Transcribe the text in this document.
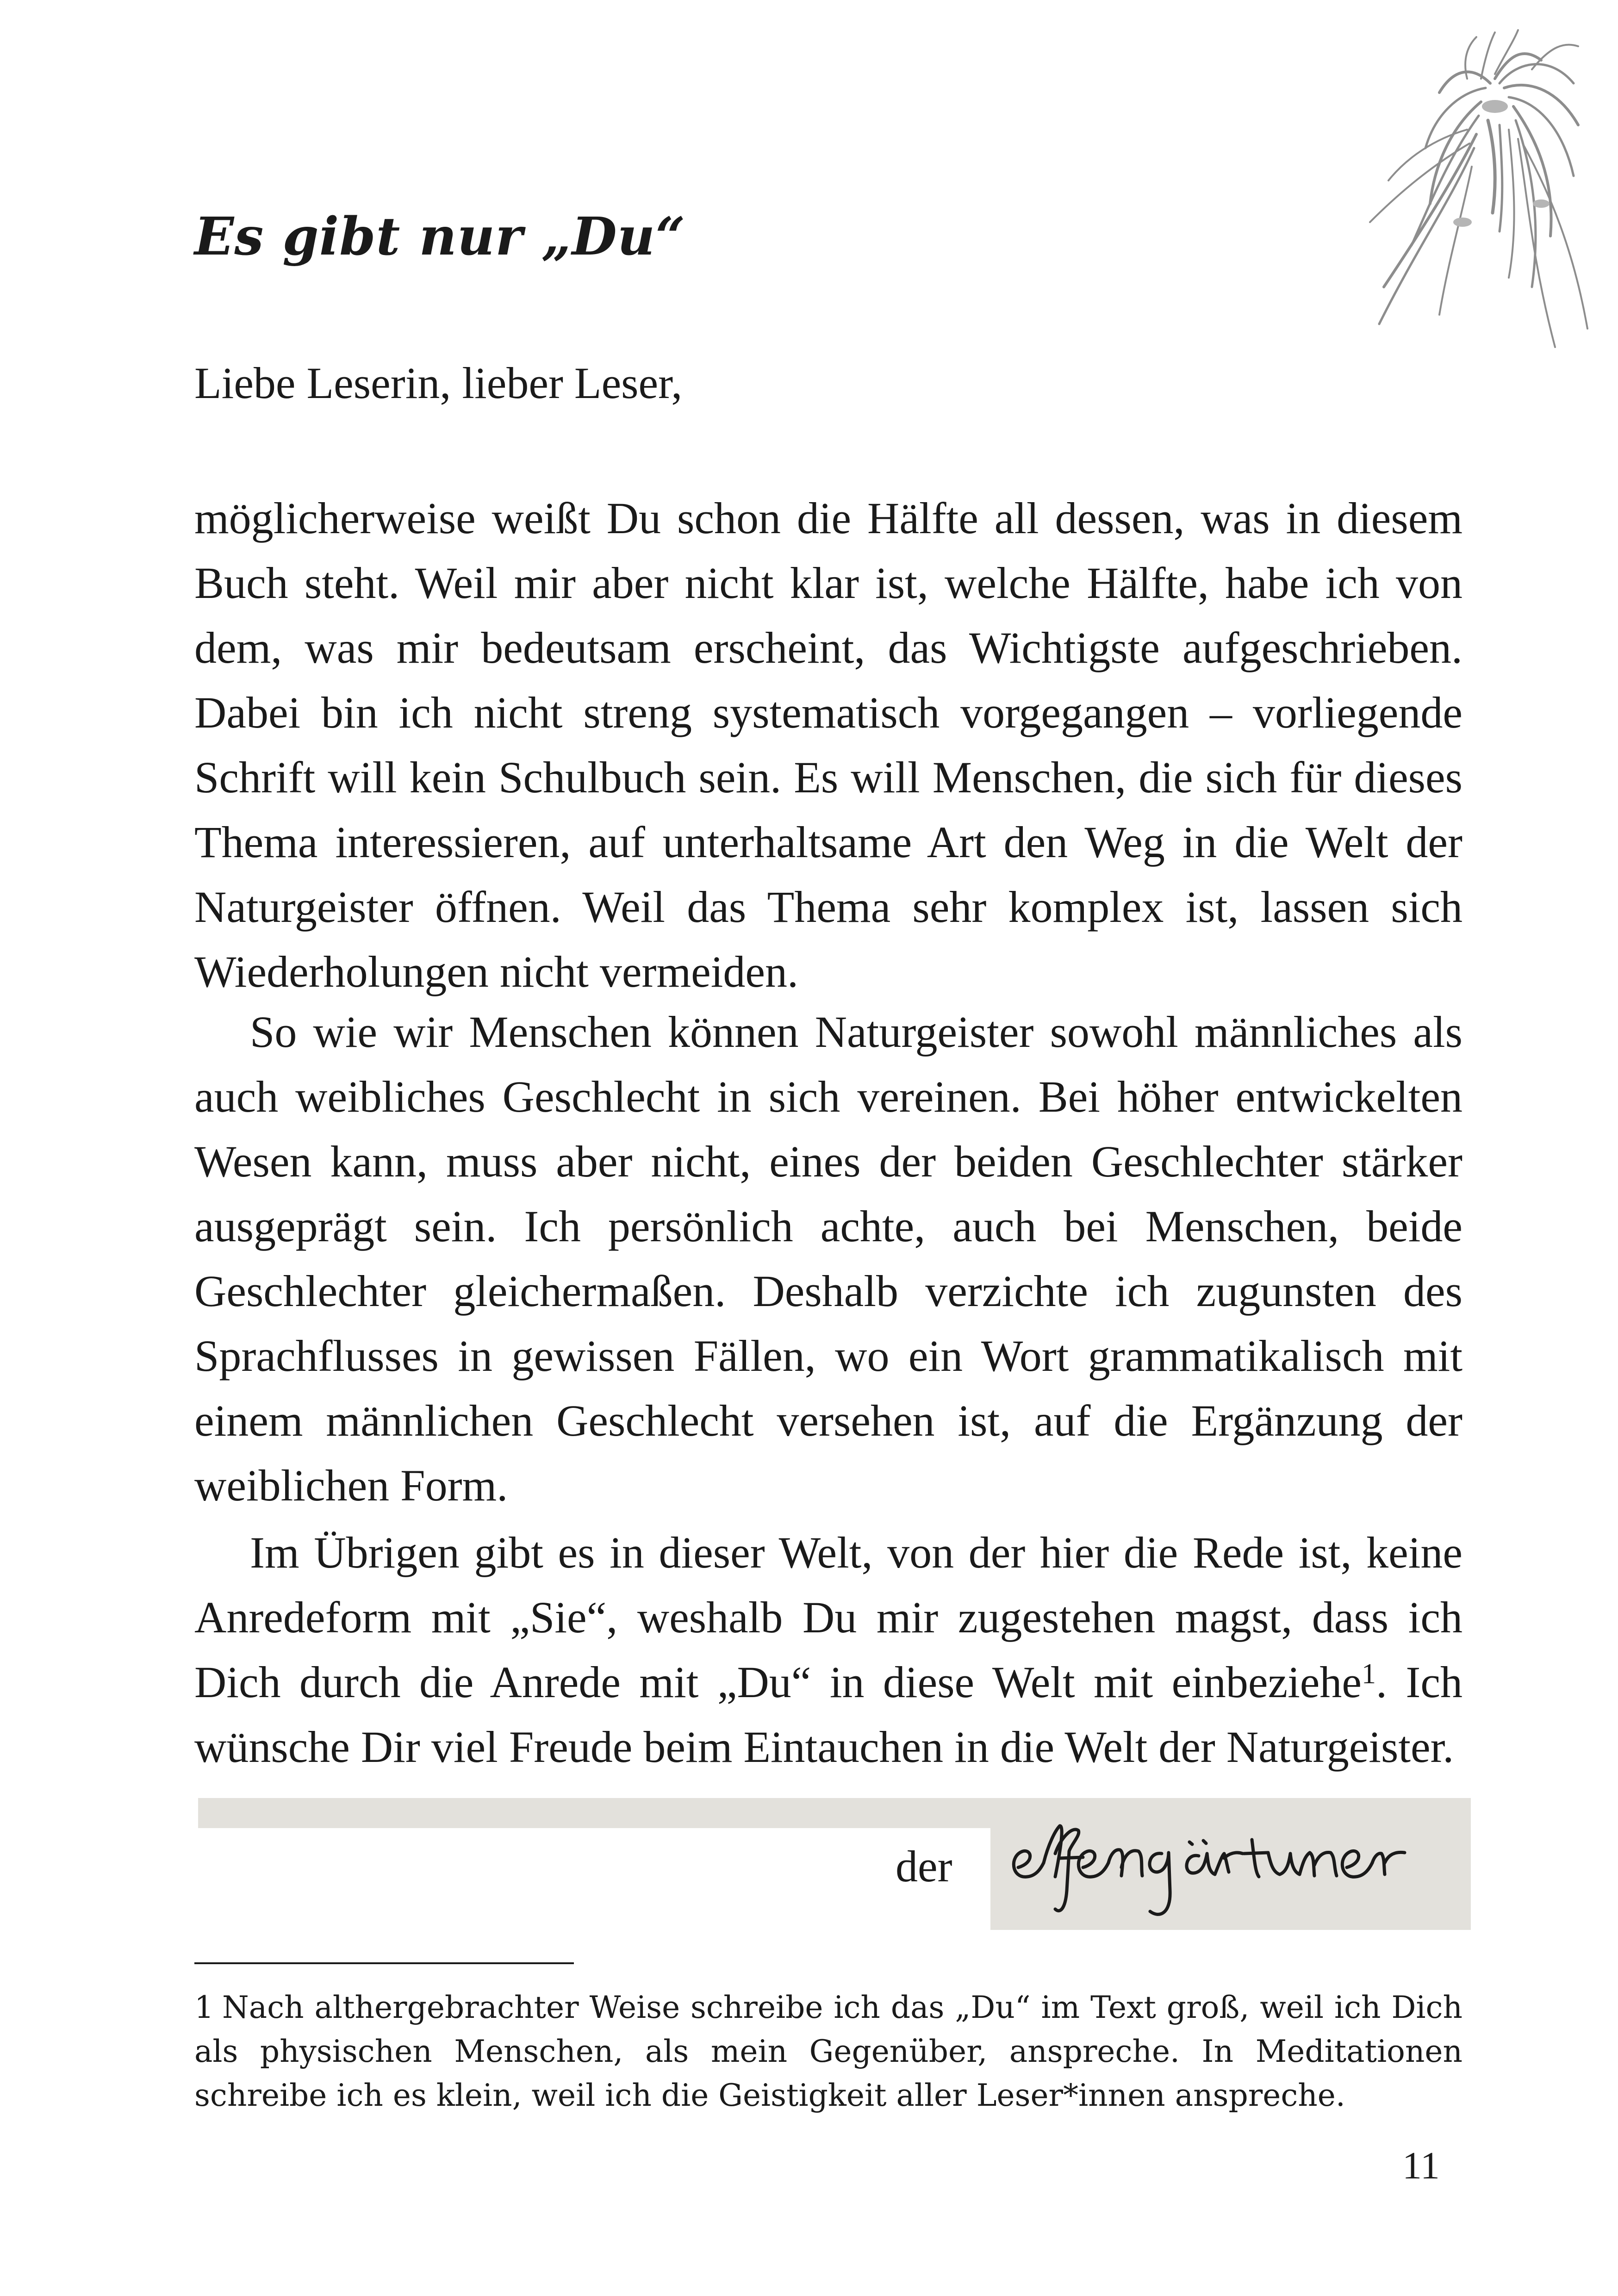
Es gibt nur „Du“

Liebe Leserin, lieber Leser,

möglicherweise weißt Du schon die Hälfte all dessen, was in diesem Buch steht. Weil mir aber nicht klar ist, welche Hälfte, habe ich von dem, was mir bedeutsam erscheint, das Wichtigste aufgeschrieben. Dabei bin ich nicht streng systematisch vorgegangen – vorliegende Schrift will kein Schulbuch sein. Es will Menschen, die sich für dieses Thema interessieren, auf unterhaltsame Art den Weg in die Welt der Naturgeister öffnen. Weil das Thema sehr komplex ist, lassen sich Wiederholungen nicht vermeiden.

So wie wir Menschen können Naturgeister sowohl männliches als auch weibliches Geschlecht in sich vereinen. Bei höher entwickelten Wesen kann, muss aber nicht, eines der beiden Geschlechter stärker ausgeprägt sein. Ich persönlich achte, auch bei Menschen, beide Geschlechter gleichermaßen. Deshalb verzichte ich zugunsten des Sprachflusses in gewissen Fällen, wo ein Wort grammatikalisch mit einem männlichen Geschlecht versehen ist, auf die Ergänzung der weiblichen Form.

Im Übrigen gibt es in dieser Welt, von der hier die Rede ist, keine Anredeform mit „Sie“, weshalb Du mir zugestehen magst, dass ich Dich durch die Anrede mit „Du“ in diese Welt mit einbeziehe$^1$. Ich wünsche Dir viel Freude beim Eintauchen in die Welt der Naturgeister.

der

1 Nach althergebrachter Weise schreibe ich das „Du“ im Text groß, weil ich Dich als physischen Menschen, als mein Gegenüber, anspreche. In Meditationen schreibe ich es klein, weil ich die Geistigkeit aller Leser*innen anspreche.

11
